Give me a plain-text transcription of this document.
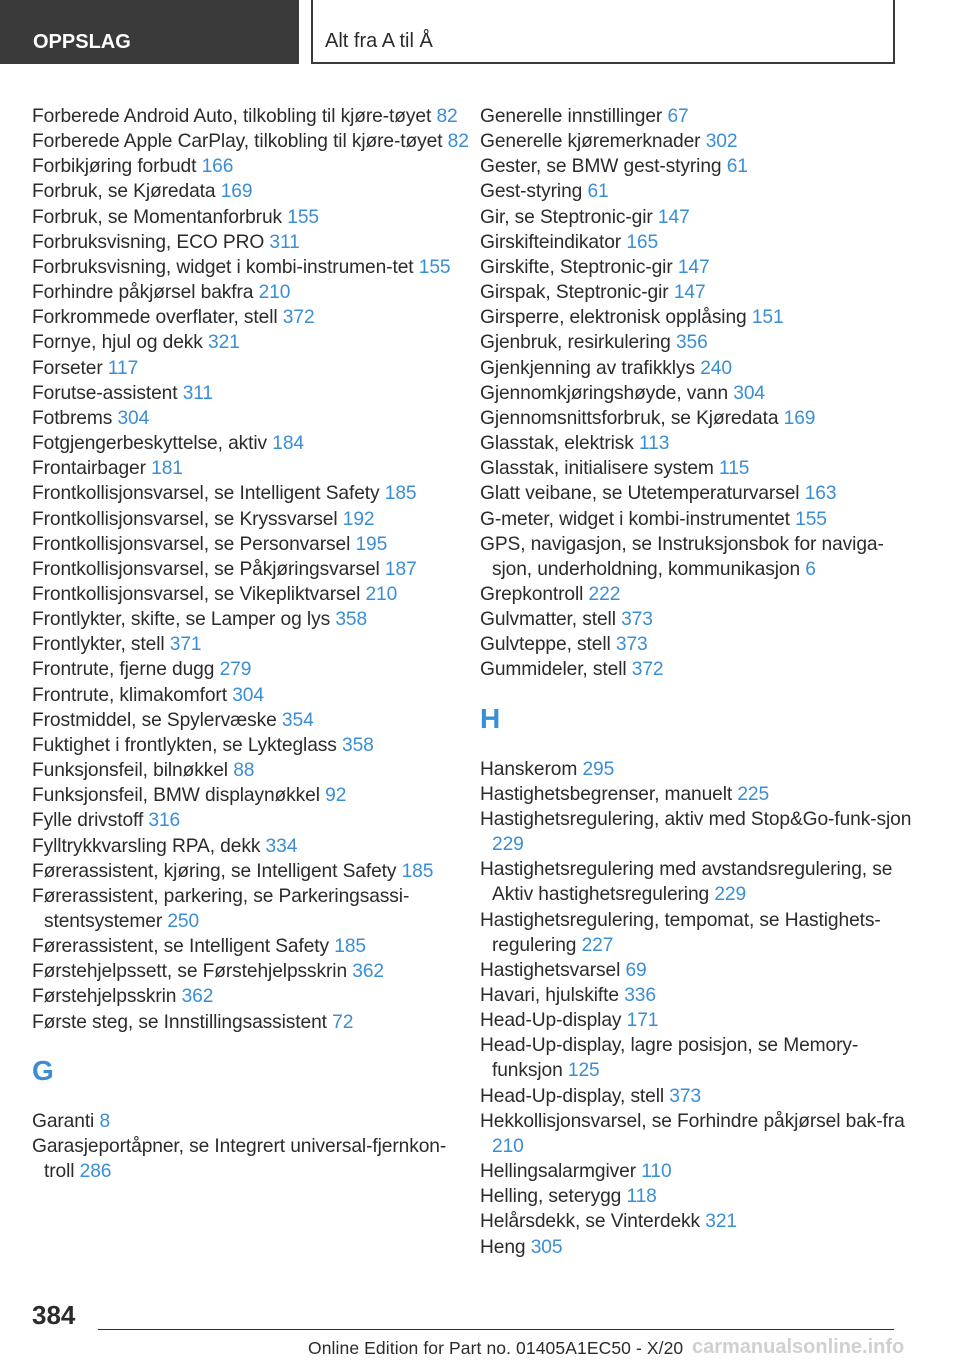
OPPSLAG	Alt fra A til Å
Forberede Android Auto, tilkobling til kjøre-tøyet 82
Forberede Apple CarPlay, tilkobling til kjøre-tøyet 82
Forbikjøring forbudt 166
Forbruk, se Kjøredata 169
Forbruk, se Momentanforbruk 155
Forbruksvisning, ECO PRO 311
Forbruksvisning, widget i kombi-instrumen-tet 155
Forhindre påkjørsel bakfra 210
Forkrommede overflater, stell 372
Fornye, hjul og dekk 321
Forseter 117
Forutse-assistent 311
Fotbrems 304
Fotgjengerbeskyttelse, aktiv 184
Frontairbager 181
Frontkollisjonsvarsel, se Intelligent Safety 185
Frontkollisjonsvarsel, se Kryssvarsel 192
Frontkollisjonsvarsel, se Personvarsel 195
Frontkollisjonsvarsel, se Påkjøringsvarsel 187
Frontkollisjonsvarsel, se Vikepliktvarsel 210
Frontlykter, skifte, se Lamper og lys 358
Frontlykter, stell 371
Frontrute, fjerne dugg 279
Frontrute, klimakomfort 304
Frostmiddel, se Spylervæske 354
Fuktighet i frontlykten, se Lykteglass 358
Funksjonsfeil, bilnøkkel 88
Funksjonsfeil, BMW displaynøkkel 92
Fylle drivstoff 316
Fylltrykkvarsling RPA, dekk 334
Førerassistent, kjøring, se Intelligent Safety 185
Førerassistent, parkering, se Parkeringsassi-stentsystemer 250
Førerassistent, se Intelligent Safety 185
Førstehjelpssett, se Førstehjelpsskrin 362
Førstehjelpsskrin 362
Første steg, se Innstillingsassistent 72
G
Garanti 8
Garasjeportåpner, se Integrert universal-fjernkon-troll 286
Generelle innstillinger 67
Generelle kjøremerknader 302
Gester, se BMW gest-styring 61
Gest-styring 61
Gir, se Steptronic-gir 147
Girskifteindikator 165
Girskifte, Steptronic-gir 147
Girspak, Steptronic-gir 147
Girsperre, elektronisk opplåsing 151
Gjenbruk, resirkulering 356
Gjenkjenning av trafikklys 240
Gjennomkjøringshøyde, vann 304
Gjennomsnittsforbruk, se Kjøredata 169
Glasstak, elektrisk 113
Glasstak, initialisere system 115
Glatt veibane, se Utetemperaturvarsel 163
G-meter, widget i kombi-instrumentet 155
GPS, navigasjon, se Instruksjonsbok for naviga-sjon, underholdning, kommunikasjon 6
Grepkontroll 222
Gulvmatter, stell 373
Gulvteppe, stell 373
Gummideler, stell 372
H
Hanskerom 295
Hastighetsbegrenser, manuelt 225
Hastighetsregulering, aktiv med Stop&Go-funk-sjon 229
Hastighetsregulering med avstandsregulering, se Aktiv hastighetsregulering 229
Hastighetsregulering, tempomat, se Hastighets-regulering 227
Hastighetsvarsel 69
Havari, hjulskifte 336
Head-Up-display 171
Head-Up-display, lagre posisjon, se Memory-funksjon 125
Head-Up-display, stell 373
Hekkollisjonsvarsel, se Forhindre påkjørsel bak-fra 210
Hellingsalarmgiver 110
Helling, seterygg 118
Helårsdekk, se Vinterdekk 321
Heng 305
384
Online Edition for Part no. 01405A1EC50 - X/20 carmanualsonline.info
